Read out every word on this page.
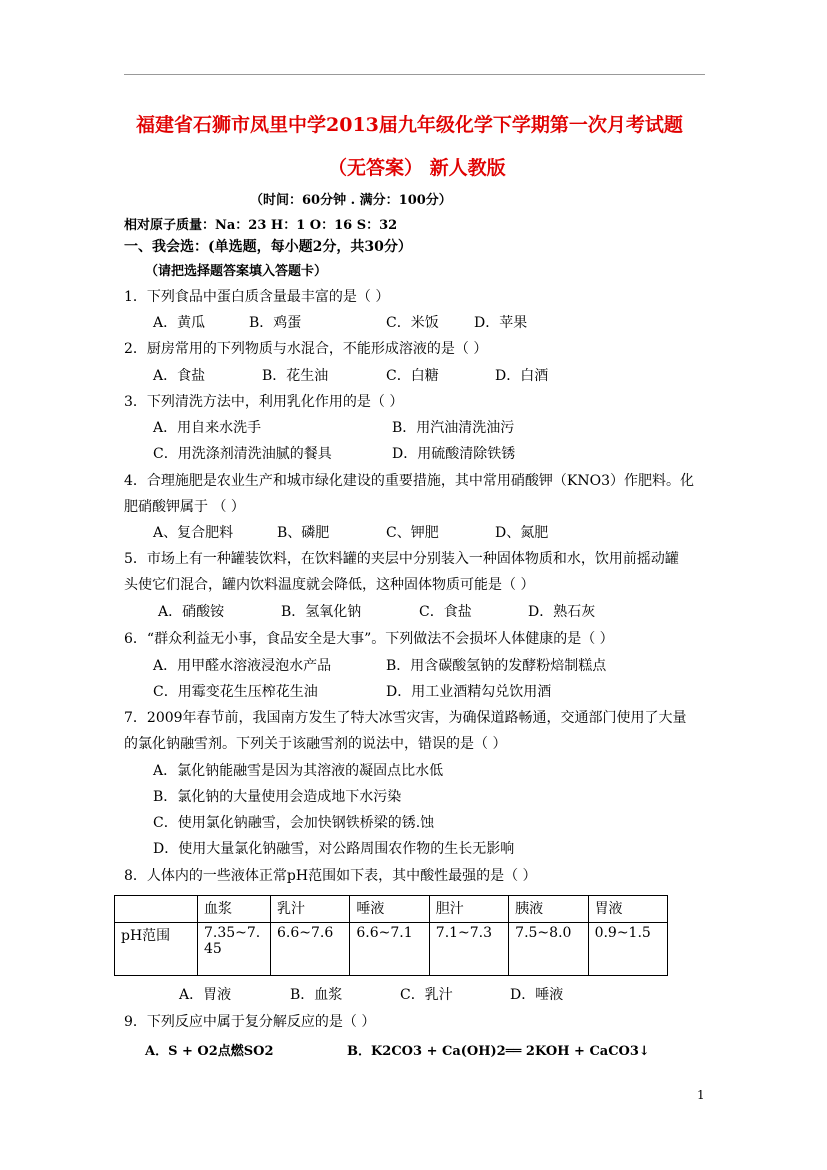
福建省石狮市凤里中学2013届九年级化学下学期第一次月考试题
（无答案） 新人教版
（时间：60分钟 . 满分：100分）
相对原子质量：Na：23 H：1 O：16 S：32
一、我会选：(单选题，每小题2分，共30分）
（请把选择题答案填入答题卡）
1．下列食品中蛋白质含量最丰富的是（ ）
A．黄瓜	B．鸡蛋	C．米饭	D．苹果
2．厨房常用的下列物质与水混合，不能形成溶液的是（ ）
A．食盐	B．花生油	C．白糖	D．白酒
3．下列清洗方法中，利用乳化作用的是（ ）
A．用自来水洗手	B．用汽油清洗油污
C．用洗涤剂清洗油腻的餐具	D．用硫酸清除铁锈
4．合理施肥是农业生产和城市绿化建设的重要措施，其中常用硝酸钾（KNO3）作肥料。化
肥硝酸钾属于 （ ）
A、复合肥料	B、磷肥	C、钾肥	D、氮肥
5．市场上有一种罐装饮料，在饮料罐的夹层中分别装入一种固体物质和水，饮用前摇动罐
头使它们混合，罐内饮料温度就会降低，这种固体物质可能是（ ）
A．硝酸铵	B．氢氧化钠	C．食盐	D．熟石灰
6．“群众利益无小事，食品安全是大事”。下列做法不会损坏人体健康的是（ ）
A．用甲醛水溶液浸泡水产品	B．用含碳酸氢钠的发酵粉焙制糕点
C．用霉变花生压榨花生油	D．用工业酒精勾兑饮用酒
7．2009年春节前，我国南方发生了特大冰雪灾害，为确保道路畅通，交通部门使用了大量
的氯化钠融雪剂。下列关于该融雪剂的说法中，错误的是（ ）
A．氯化钠能融雪是因为其溶液的凝固点比水低
B．氯化钠的大量使用会造成地下水污染
C．使用氯化钠融雪，会加快钢铁桥梁的锈.蚀
D．使用大量氯化钠融雪，对公路周围农作物的生长无影响
8．人体内的一些液体正常pH范围如下表，其中酸性最强的是（ ）
	血浆	乳汁	唾液	胆汁	胰液	胃液
pH范围	7.35~7.45	6.6~7.6	6.6~7.1	7.1~7.3	7.5~8.0	0.9~1.5
A．胃液	B．血浆	C．乳汁	D．唾液
9．下列反应中属于复分解反应的是（ ）
A．S + O2点燃SO2	B．K2CO3 + Ca(OH)2══ 2KOH + CaCO3↓
1
